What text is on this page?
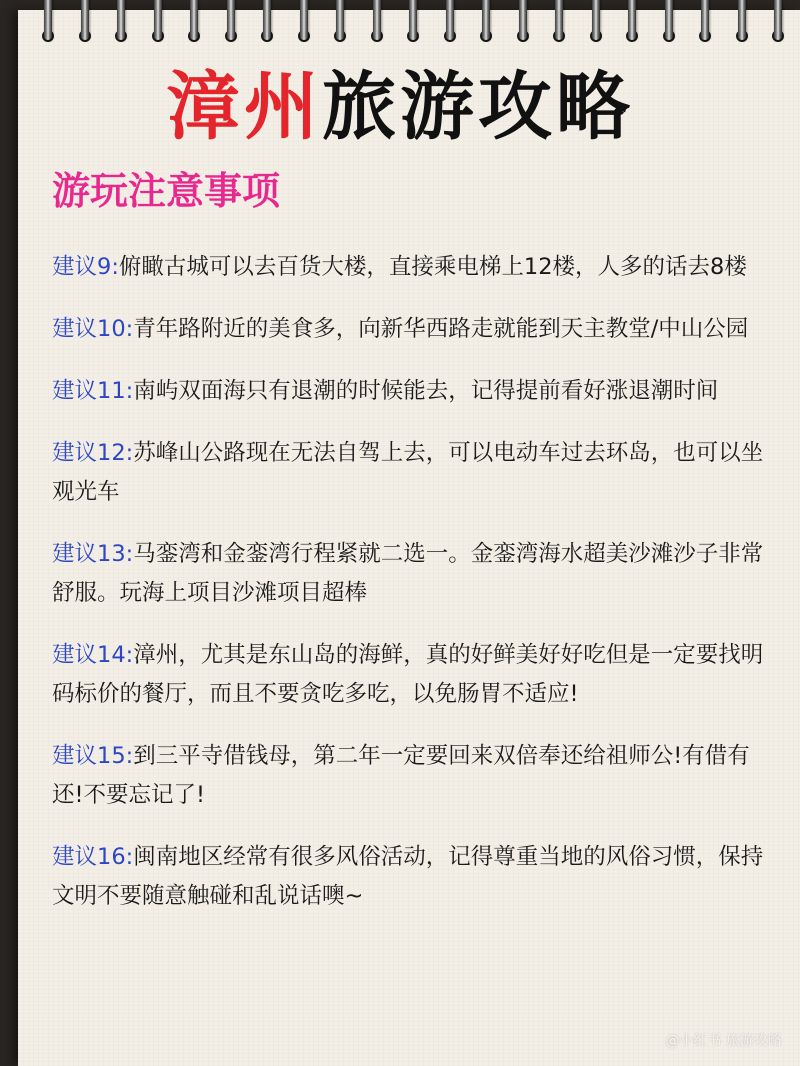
漳州旅游攻略
游玩注意事项
建议9:俯瞰古城可以去百货大楼，直接乘电梯上12楼，人多的话去8楼
建议10:青年路附近的美食多，向新华西路走就能到天主教堂/中山公园
建议11:南屿双面海只有退潮的时候能去，记得提前看好涨退潮时间
建议12:苏峰山公路现在无法自驾上去，可以电动车过去环岛，也可以坐观光车
建议13:马銮湾和金銮湾行程紧就二选一。金銮湾海水超美沙滩沙子非常舒服。玩海上项目沙滩项目超棒
建议14:漳州，尤其是东山岛的海鲜，真的好鲜美好好吃但是一定要找明码标价的餐厅，而且不要贪吃多吃，以免肠胃不适应!
建议15:到三平寺借钱母，第二年一定要回来双倍奉还给祖师公!有借有还!不要忘记了!
建议16:闽南地区经常有很多风俗活动，记得尊重当地的风俗习惯，保持文明不要随意触碰和乱说话噢~
@小红书 旅游攻略
